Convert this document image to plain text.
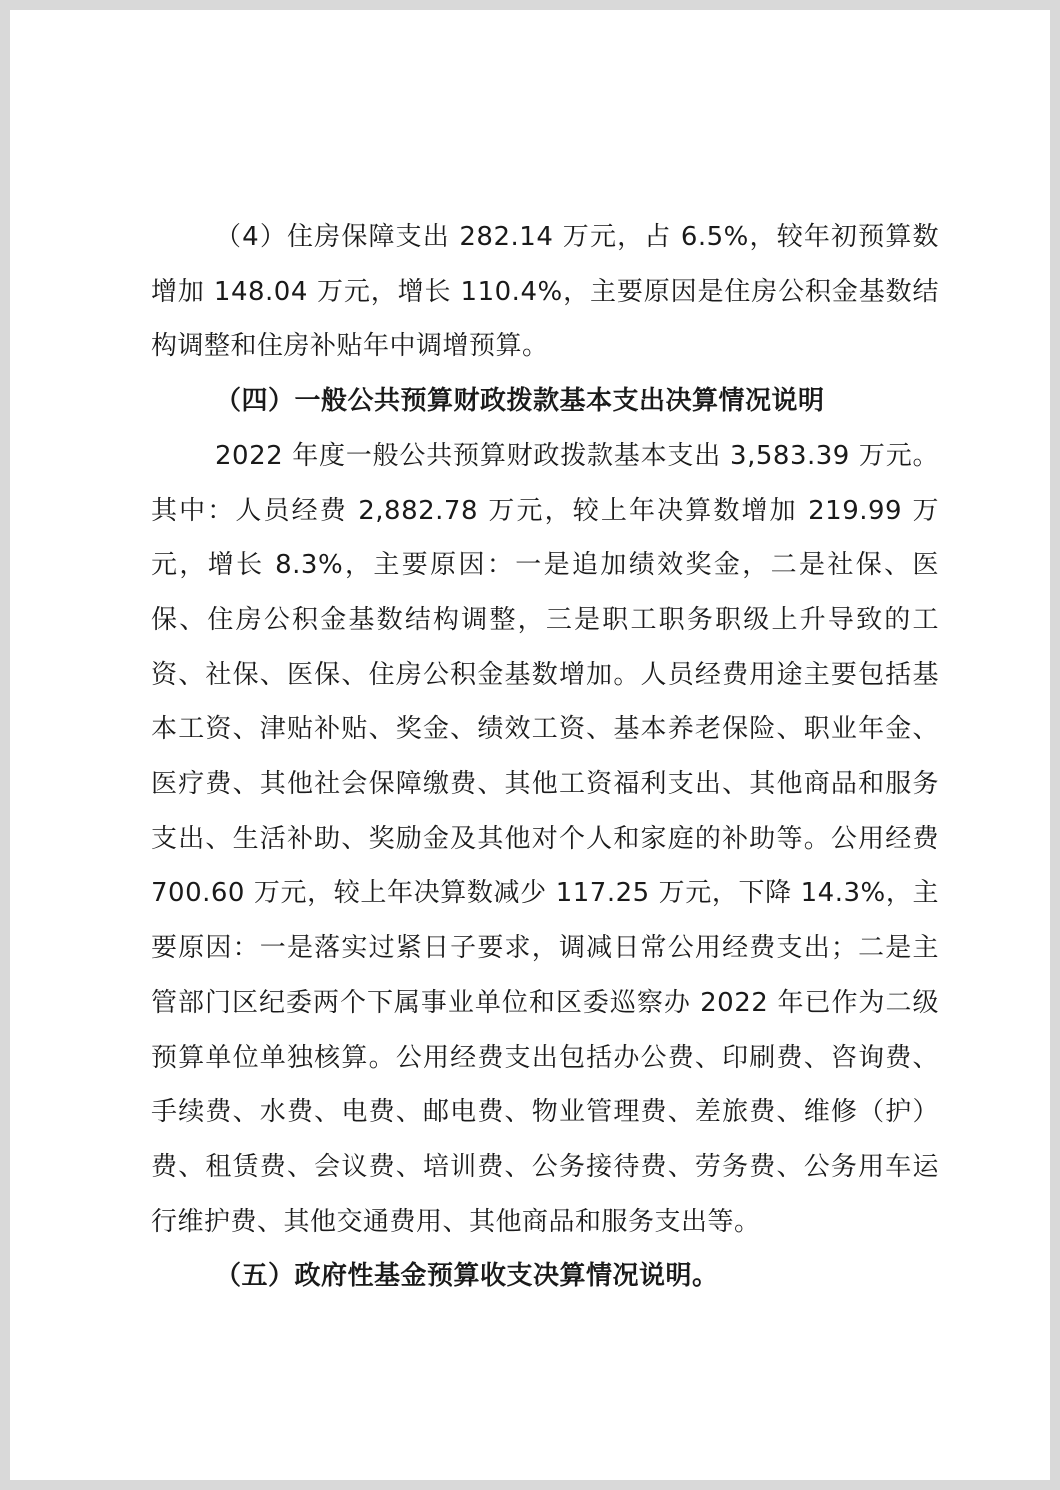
（4）住房保障支出 282.14 万元，占 6.5%，较年初预算数增加 148.04 万元，增长 110.4%，主要原因是住房公积金基数结构调整和住房补贴年中调增预算。

（四）一般公共预算财政拨款基本支出决算情况说明

2022 年度一般公共预算财政拨款基本支出 3,583.39 万元。其中：人员经费 2,882.78 万元，较上年决算数增加 219.99 万元，增长 8.3%，主要原因：一是追加绩效奖金，二是社保、医保、住房公积金基数结构调整，三是职工职务职级上升导致的工资、社保、医保、住房公积金基数增加。人员经费用途主要包括基本工资、津贴补贴、奖金、绩效工资、基本养老保险、职业年金、医疗费、其他社会保障缴费、其他工资福利支出、其他商品和服务支出、生活补助、奖励金及其他对个人和家庭的补助等。公用经费 700.60 万元，较上年决算数减少 117.25 万元，下降 14.3%，主要原因：一是落实过紧日子要求，调减日常公用经费支出；二是主管部门区纪委两个下属事业单位和区委巡察办 2022 年已作为二级预算单位单独核算。公用经费支出包括办公费、印刷费、咨询费、手续费、水费、电费、邮电费、物业管理费、差旅费、维修（护）费、租赁费、会议费、培训费、公务接待费、劳务费、公务用车运行维护费、其他交通费用、其他商品和服务支出等。

（五）政府性基金预算收支决算情况说明。
